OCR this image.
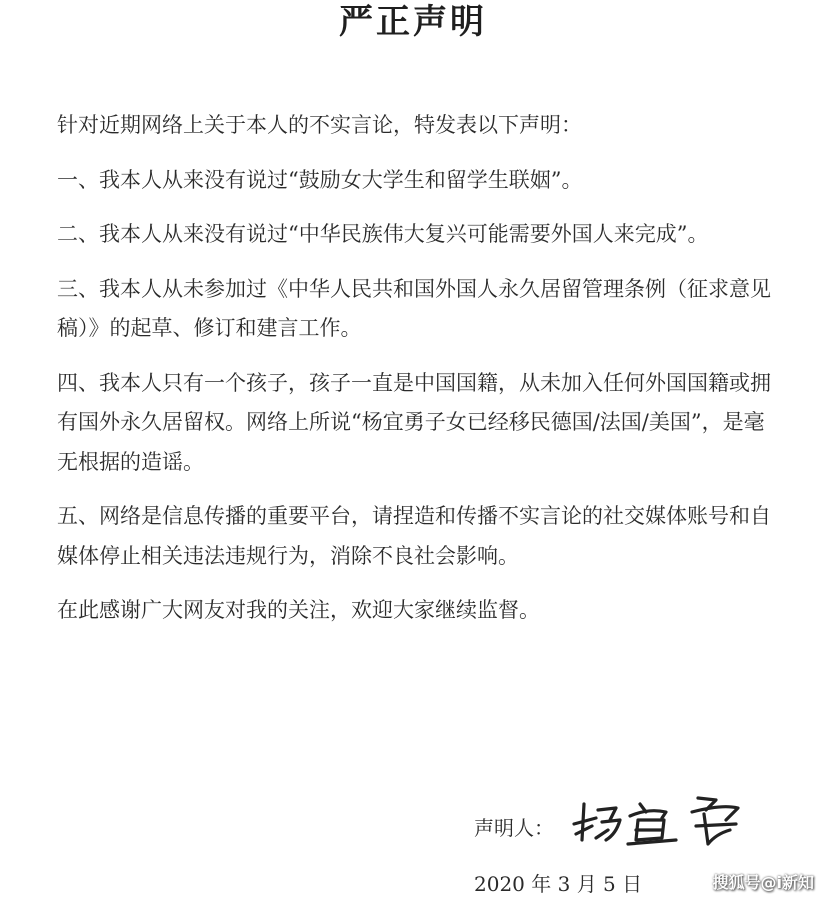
严正声明

针对近期网络上关于本人的不实言论，特发表以下声明：

一、我本人从来没有说过“鼓励女大学生和留学生联姻”。

二、我本人从来没有说过“中华民族伟大复兴可能需要外国人来完成”。

三、我本人从未参加过《中华人民共和国外国人永久居留管理条例（征求意见稿）》的起草、修订和建言工作。

四、我本人只有一个孩子，孩子一直是中国国籍，从未加入任何外国国籍或拥有国外永久居留权。网络上所说“杨宜勇子女已经移民德国/法国/美国”，是毫无根据的造谣。

五、网络是信息传播的重要平台，请捏造和传播不实言论的社交媒体账号和自媒体停止相关违法违规行为，消除不良社会影响。

在此感谢广大网友对我的关注，欢迎大家继续监督。

声明人：
2020 年 3 月 5 日	搜狐号@i新知
